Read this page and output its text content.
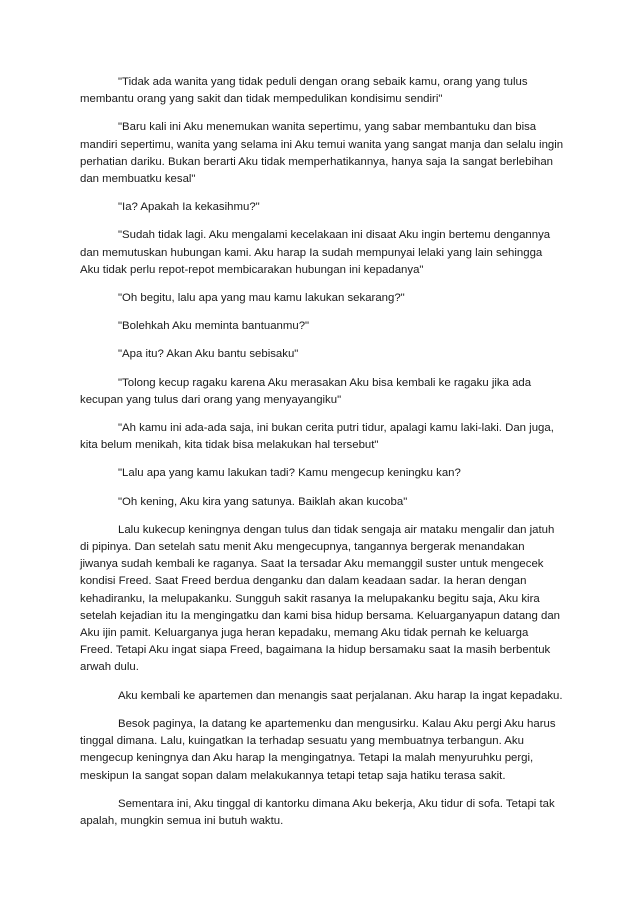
"Tidak ada wanita yang tidak peduli dengan orang sebaik kamu, orang yang tulus membantu orang yang sakit dan tidak mempedulikan kondisimu sendiri"

"Baru kali ini Aku menemukan wanita sepertimu, yang sabar membantuku dan bisa mandiri sepertimu, wanita yang selama ini Aku temui wanita yang sangat manja dan selalu ingin perhatian dariku. Bukan berarti Aku tidak memperhatikannya, hanya saja Ia sangat berlebihan dan membuatku kesal"

"Ia? Apakah Ia kekasihmu?"

"Sudah tidak lagi. Aku mengalami kecelakaan ini disaat Aku ingin bertemu dengannya dan memutuskan hubungan kami. Aku harap Ia sudah mempunyai lelaki yang lain sehingga Aku tidak perlu repot-repot membicarakan hubungan ini kepadanya"

"Oh begitu, lalu apa yang mau kamu lakukan sekarang?"

"Bolehkah Aku meminta bantuanmu?"

"Apa itu? Akan Aku bantu sebisaku"

"Tolong kecup ragaku karena Aku merasakan Aku bisa kembali ke ragaku jika ada kecupan yang tulus dari orang yang menyayangiku"

"Ah kamu ini ada-ada saja, ini bukan cerita putri tidur, apalagi kamu laki-laki. Dan juga, kita belum menikah, kita tidak bisa melakukan hal tersebut"

"Lalu apa yang kamu lakukan tadi? Kamu mengecup keningku kan?

"Oh kening, Aku kira yang satunya. Baiklah akan kucoba"

Lalu kukecup keningnya dengan tulus dan tidak sengaja air mataku mengalir dan jatuh di pipinya. Dan setelah satu menit Aku mengecupnya, tangannya bergerak menandakan jiwanya sudah kembali ke raganya. Saat Ia tersadar Aku memanggil suster untuk mengecek kondisi Freed. Saat Freed berdua denganku dan dalam keadaan sadar. Ia heran dengan kehadiranku, Ia melupakanku. Sungguh sakit rasanya Ia melupakanku begitu saja, Aku kira setelah kejadian itu Ia mengingatku dan kami bisa hidup bersama. Keluarganyapun datang dan Aku ijin pamit. Keluarganya juga heran kepadaku, memang Aku tidak pernah ke keluarga Freed. Tetapi Aku ingat siapa Freed, bagaimana Ia hidup bersamaku saat Ia masih berbentuk arwah dulu.

Aku kembali ke apartemen dan menangis saat perjalanan. Aku harap Ia ingat kepadaku.

Besok paginya, Ia datang ke apartemenku dan mengusirku. Kalau Aku pergi Aku harus tinggal dimana. Lalu, kuingatkan Ia terhadap sesuatu yang membuatnya terbangun. Aku mengecup keningnya dan Aku harap Ia mengingatnya. Tetapi Ia malah menyuruhku pergi, meskipun Ia sangat sopan dalam melakukannya tetapi tetap saja hatiku terasa sakit.

Sementara ini, Aku tinggal di kantorku dimana Aku bekerja, Aku tidur di sofa. Tetapi tak apalah, mungkin semua ini butuh waktu.
